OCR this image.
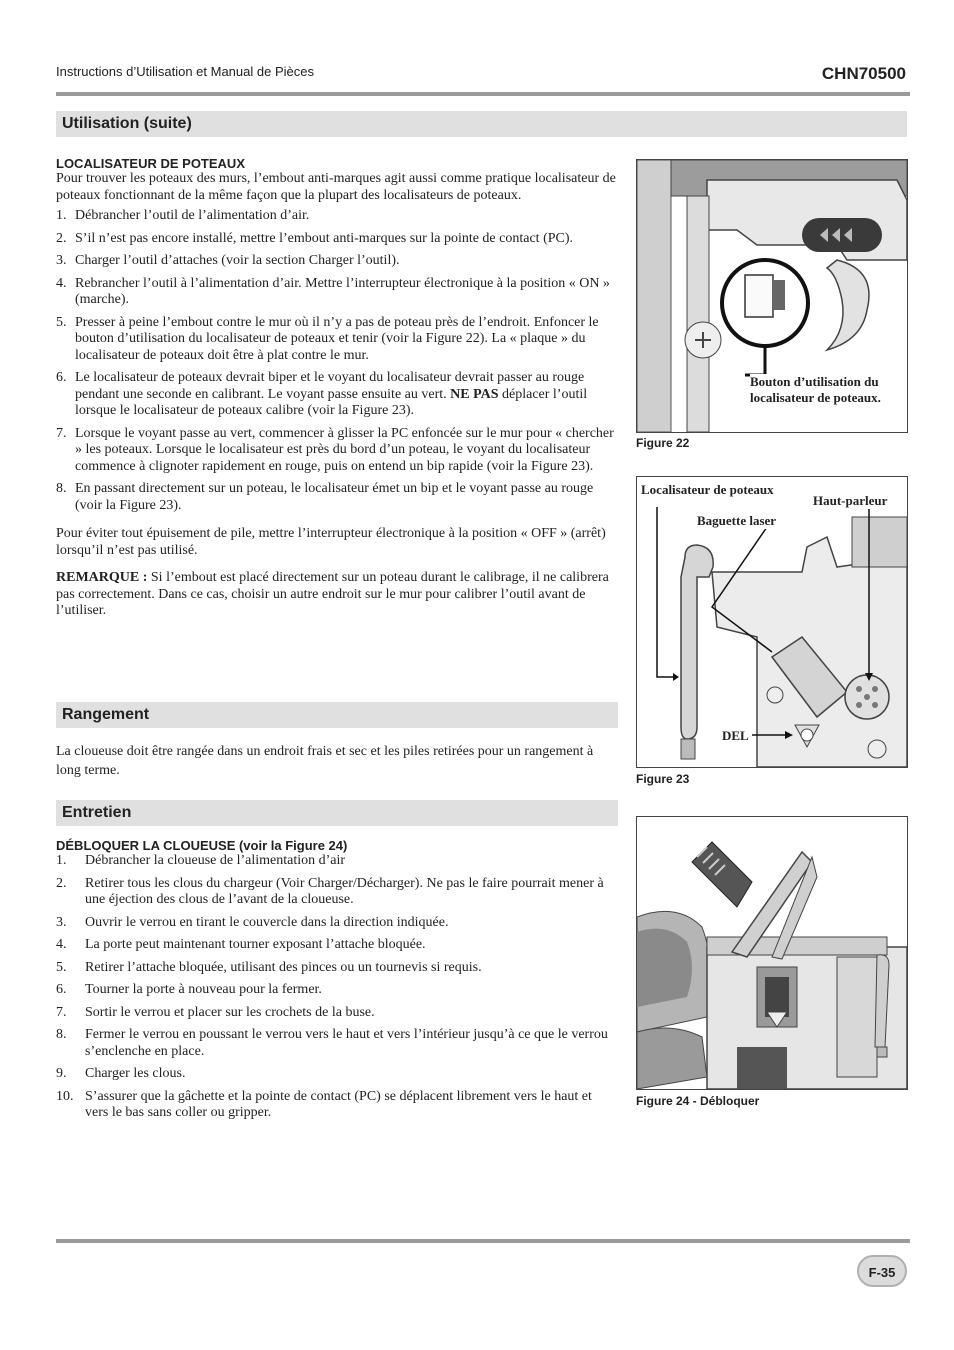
Instructions d’Utilisation et Manual de Pièces	CHN70500
Utilisation (suite)

LOCALISATEUR DE POTEAUX

Pour trouver les poteaux des murs, l’embout anti-marques agit aussi comme pratique localisateur de poteaux fonctionnant de la même façon que la plupart des localisateurs de poteaux.

1. Débrancher l’outil de l’alimentation d’air.
2. S’il n’est pas encore installé, mettre l’embout anti-marques sur la pointe de contact (PC).
3. Charger l’outil d’attaches (voir la section Charger l’outil).
4. Rebrancher l’outil à l’alimentation d’air. Mettre l’interrupteur électronique à la position « ON » (marche).
5. Presser à peine l’embout contre le mur où il n’y a pas de poteau près de l’endroit. Enfoncer le bouton d’utilisation du localisateur de poteaux et tenir (voir la Figure 22). La « plaque » du localisateur de poteaux doit être à plat contre le mur.
6. Le localisateur de poteaux devrait biper et le voyant du localisateur devrait passer au rouge pendant une seconde en calibrant. Le voyant passe ensuite au vert. NE PAS déplacer l’outil lorsque le localisateur de poteaux calibre (voir la Figure 23).
7. Lorsque le voyant passe au vert, commencer à glisser la PC enfoncée sur le mur pour « chercher » les poteaux. Lorsque le localisateur est près du bord d’un poteau, le voyant du localisateur commence à clignoter rapidement en rouge, puis on entend un bip rapide (voir la Figure 23).
8. En passant directement sur un poteau, le localisateur émet un bip et le voyant passe au rouge (voir la Figure 23).

Pour éviter tout épuisement de pile, mettre l’interrupteur électronique à la position « OFF » (arrêt) lorsqu’il n’est pas utilisé.

REMARQUE : Si l’embout est placé directement sur un poteau durant le calibrage, il ne calibrera pas correctement. Dans ce cas, choisir un autre endroit sur le mur pour calibrer l’outil avant de l’utiliser.

Rangement
La cloueuse doit être rangée dans un endroit frais et sec et les piles retirées pour un rangement à long terme.
Entretien

DÉBLOQUER LA CLOUEUSE (voir la Figure 24)

1. Débrancher la cloueuse de l’alimentation d’air
2. Retirer tous les clous du chargeur (Voir Charger/Décharger). Ne pas le faire pourrait mener à une éjection des clous de l’avant de la cloueuse.
3. Ouvrir le verrou en tirant le couvercle dans la direction indiquée.
4. La porte peut maintenant tourner exposant l’attache bloquée.
5. Retirer l’attache bloquée, utilisant des pinces ou un tournevis si requis.
6. Tourner la porte à nouveau pour la fermer.
7. Sortir le verrou et placer sur les crochets de la buse.
8. Fermer le verrou en poussant le verrou vers le haut et vers l’intérieur jusqu’à ce que le verrou s’enclenche en place.
9. Charger les clous.
10. S’assurer que la gâchette et la pointe de contact (PC) se déplacent librement vers le haut et vers le bas sans coller ou gripper.
Bouton d’utilisation du localisateur de poteaux.
Figure 22
Localisateur de poteaux
Haut-parleur
Baguette laser
DEL
Figure 23
Figure 24 - Débloquer
F-35
